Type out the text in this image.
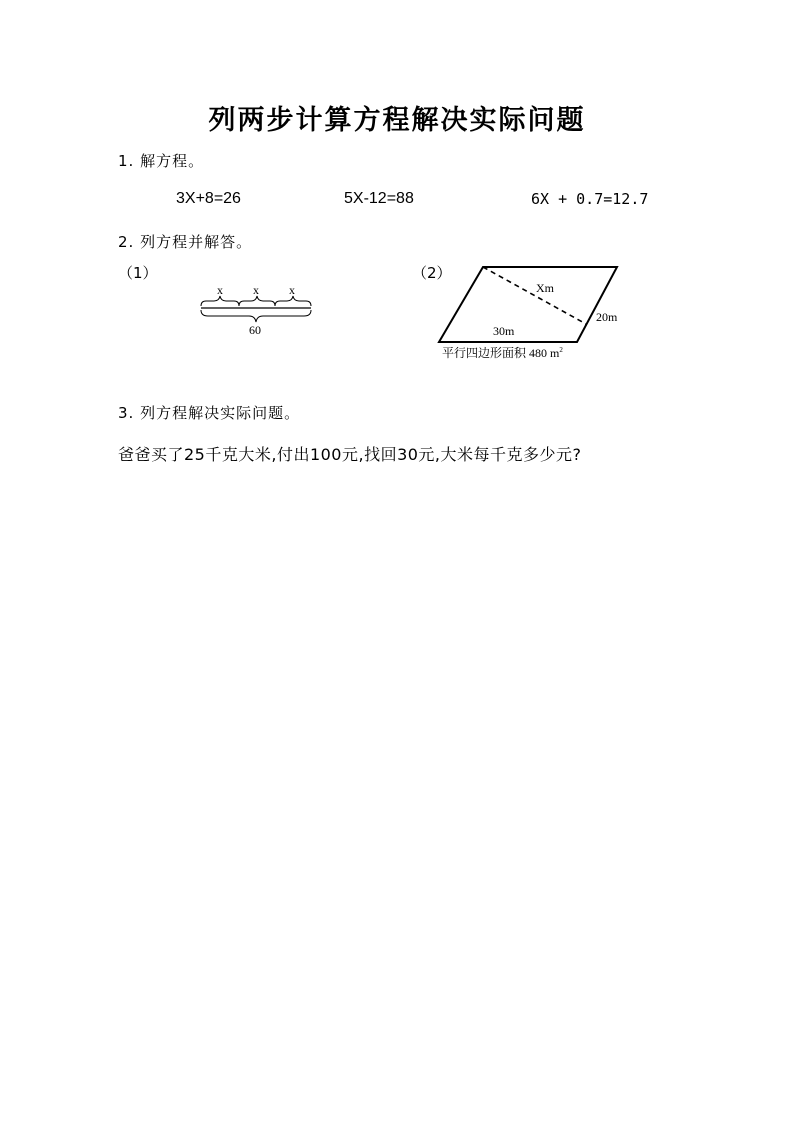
列两步计算方程解决实际问题
1. 解方程。
3X+8=26	5X-12=88	6X + 0.7=12.7
2. 列方程并解答。
（1）	（2）
x	x	x
60
Xm
20m
30m
平行四边形面积 480 $m^2$
3. 列方程解决实际问题。
爸爸买了25千克大米,付出100元,找回30元,大米每千克多少元?
